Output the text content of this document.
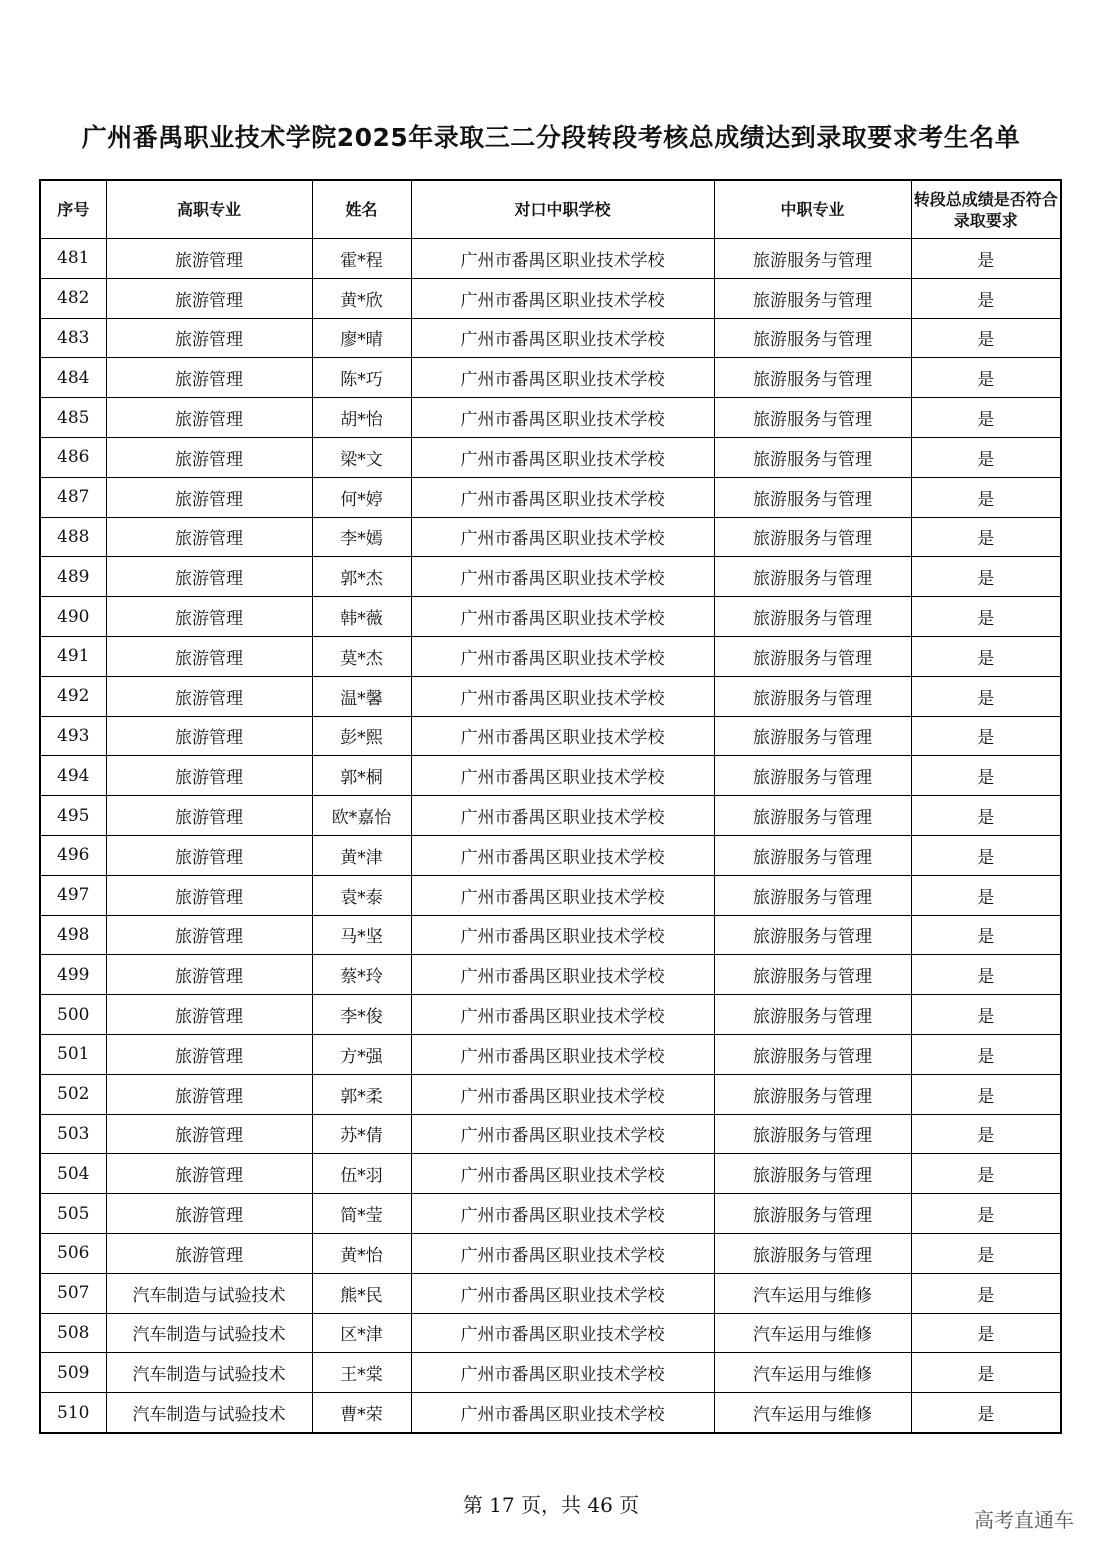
广州番禺职业技术学院2025年录取三二分段转段考核总成绩达到录取要求考生名单
序号	高职专业	姓名	对口中职学校	中职专业	转段总成绩是否符合录取要求
481	旅游管理	霍*程	广州市番禺区职业技术学校	旅游服务与管理	是
482	旅游管理	黄*欣	广州市番禺区职业技术学校	旅游服务与管理	是
483	旅游管理	廖*晴	广州市番禺区职业技术学校	旅游服务与管理	是
484	旅游管理	陈*巧	广州市番禺区职业技术学校	旅游服务与管理	是
485	旅游管理	胡*怡	广州市番禺区职业技术学校	旅游服务与管理	是
486	旅游管理	梁*文	广州市番禺区职业技术学校	旅游服务与管理	是
487	旅游管理	何*婷	广州市番禺区职业技术学校	旅游服务与管理	是
488	旅游管理	李*嫣	广州市番禺区职业技术学校	旅游服务与管理	是
489	旅游管理	郭*杰	广州市番禺区职业技术学校	旅游服务与管理	是
490	旅游管理	韩*薇	广州市番禺区职业技术学校	旅游服务与管理	是
491	旅游管理	莫*杰	广州市番禺区职业技术学校	旅游服务与管理	是
492	旅游管理	温*馨	广州市番禺区职业技术学校	旅游服务与管理	是
493	旅游管理	彭*熙	广州市番禺区职业技术学校	旅游服务与管理	是
494	旅游管理	郭*桐	广州市番禺区职业技术学校	旅游服务与管理	是
495	旅游管理	欧*嘉怡	广州市番禺区职业技术学校	旅游服务与管理	是
496	旅游管理	黄*津	广州市番禺区职业技术学校	旅游服务与管理	是
497	旅游管理	袁*泰	广州市番禺区职业技术学校	旅游服务与管理	是
498	旅游管理	马*坚	广州市番禺区职业技术学校	旅游服务与管理	是
499	旅游管理	蔡*玲	广州市番禺区职业技术学校	旅游服务与管理	是
500	旅游管理	李*俊	广州市番禺区职业技术学校	旅游服务与管理	是
501	旅游管理	方*强	广州市番禺区职业技术学校	旅游服务与管理	是
502	旅游管理	郭*柔	广州市番禺区职业技术学校	旅游服务与管理	是
503	旅游管理	苏*倩	广州市番禺区职业技术学校	旅游服务与管理	是
504	旅游管理	伍*羽	广州市番禺区职业技术学校	旅游服务与管理	是
505	旅游管理	简*莹	广州市番禺区职业技术学校	旅游服务与管理	是
506	旅游管理	黄*怡	广州市番禺区职业技术学校	旅游服务与管理	是
507	汽车制造与试验技术	熊*民	广州市番禺区职业技术学校	汽车运用与维修	是
508	汽车制造与试验技术	区*津	广州市番禺区职业技术学校	汽车运用与维修	是
509	汽车制造与试验技术	王*棠	广州市番禺区职业技术学校	汽车运用与维修	是
510	汽车制造与试验技术	曹*荣	广州市番禺区职业技术学校	汽车运用与维修	是
第 17 页，共 46 页
高考直通车
